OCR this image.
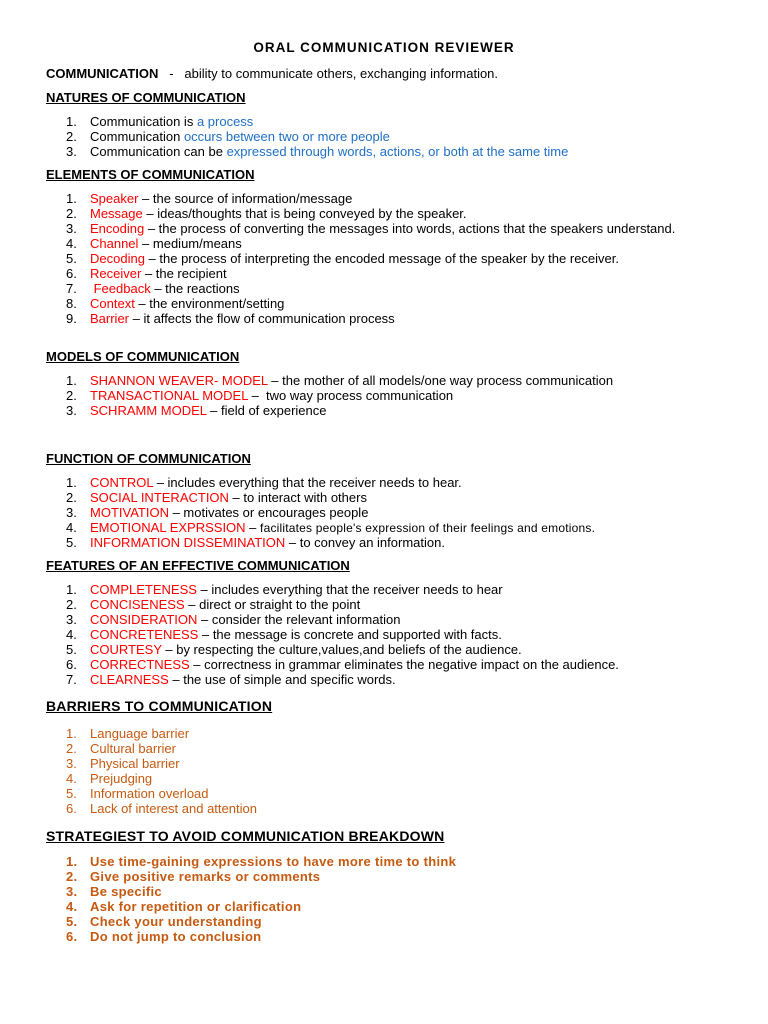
ORAL COMMUNICATION REVIEWER
COMMUNICATION   -   ability to communicate others, exchanging information.
NATURES OF COMMUNICATION
1. Communication is a process
2. Communication occurs between two or more people
3. Communication can be expressed through words, actions, or both at the same time
ELEMENTS OF COMMUNICATION
1. Speaker – the source of information/message
2. Message – ideas/thoughts that is being conveyed by the speaker.
3. Encoding – the process of converting the messages into words, actions that the speakers understand.
4. Channel – medium/means
5. Decoding – the process of interpreting the encoded message of the speaker by the receiver.
6. Receiver – the recipient
7. Feedback – the reactions
8. Context – the environment/setting
9. Barrier – it affects the flow of communication process
MODELS OF COMMUNICATION
1. SHANNON WEAVER- MODEL – the mother of all models/one way process communication
2. TRANSACTIONAL MODEL –  two way process communication
3. SCHRAMM MODEL – field of experience
FUNCTION OF COMMUNICATION
1. CONTROL – includes everything that the receiver needs to hear.
2. SOCIAL INTERACTION – to interact with others
3. MOTIVATION – motivates or encourages people
4. EMOTIONAL EXPRSSION – facilitates people's expression of their feelings and emotions.
5. INFORMATION DISSEMINATION – to convey an information.
FEATURES OF AN EFFECTIVE COMMUNICATION
1. COMPLETENESS – includes everything that the receiver needs to hear
2. CONCISENESS – direct or straight to the point
3. CONSIDERATION – consider the relevant information
4. CONCRETENESS – the message is concrete and supported with facts.
5. COURTESY – by respecting the culture,values,and beliefs of the audience.
6. CORRECTNESS – correctness in grammar eliminates the negative impact on the audience.
7. CLEARNESS – the use of simple and specific words.
BARRIERS TO COMMUNICATION
1. Language barrier
2. Cultural barrier
3. Physical barrier
4. Prejudging
5. Information overload
6. Lack of interest and attention
STRATEGIEST TO AVOID COMMUNICATION BREAKDOWN
1. Use time-gaining expressions to have more time to think
2. Give positive remarks or comments
3. Be specific
4. Ask for repetition or clarification
5. Check your understanding
6. Do not jump to conclusion
